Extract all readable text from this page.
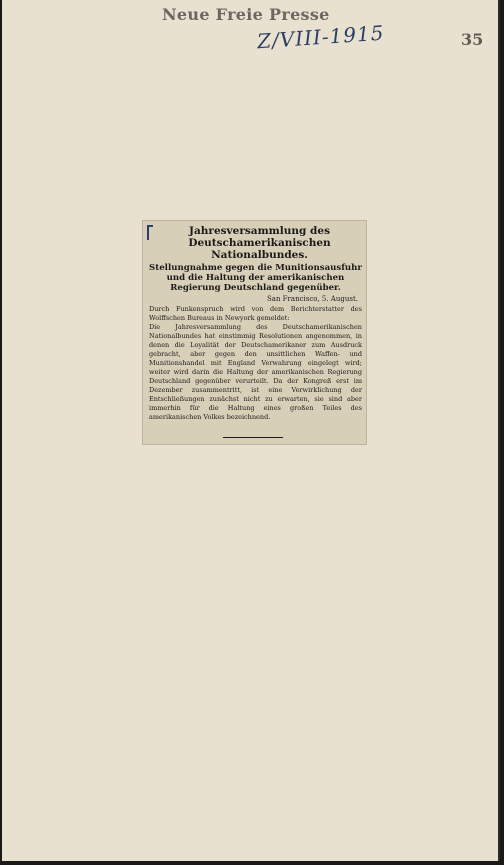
Neue Freie Presse
Z/VIII-1915	35
Jahresversammlung des Deutschamerikanischen Nationalbundes.
Stellungnahme gegen die Munitionsausfuhr und die Haltung der amerikanischen Regierung Deutschland gegenüber.
San Francisco, 5. August.

Durch Funkenspruch wird von dem Berichterstatter des Wolffschen Bureaus in Newyork gemeldet:

Die Jahresversammlung des Deutschamerikanischen Nationalbundes hat einstimmig Resolutionen angenommen, in denen die Loyalität der Deutschamerikaner zum Ausdruck gebracht, aber gegen den unsittlichen Waffen- und Munitionshandel mit England Verwahrung eingelegt wird; weiter wird darin die Haltung der amerikanischen Regierung Deutschland gegenüber verurteilt. Da der Kongreß erst im Dezember zusammentritt, ist eine Verwirklichung der Entschließungen zunächst nicht zu erwarten, sie sind aber immerhin für die Haltung eines großen Teiles des amerikanischen Volkes bezeichnend.
